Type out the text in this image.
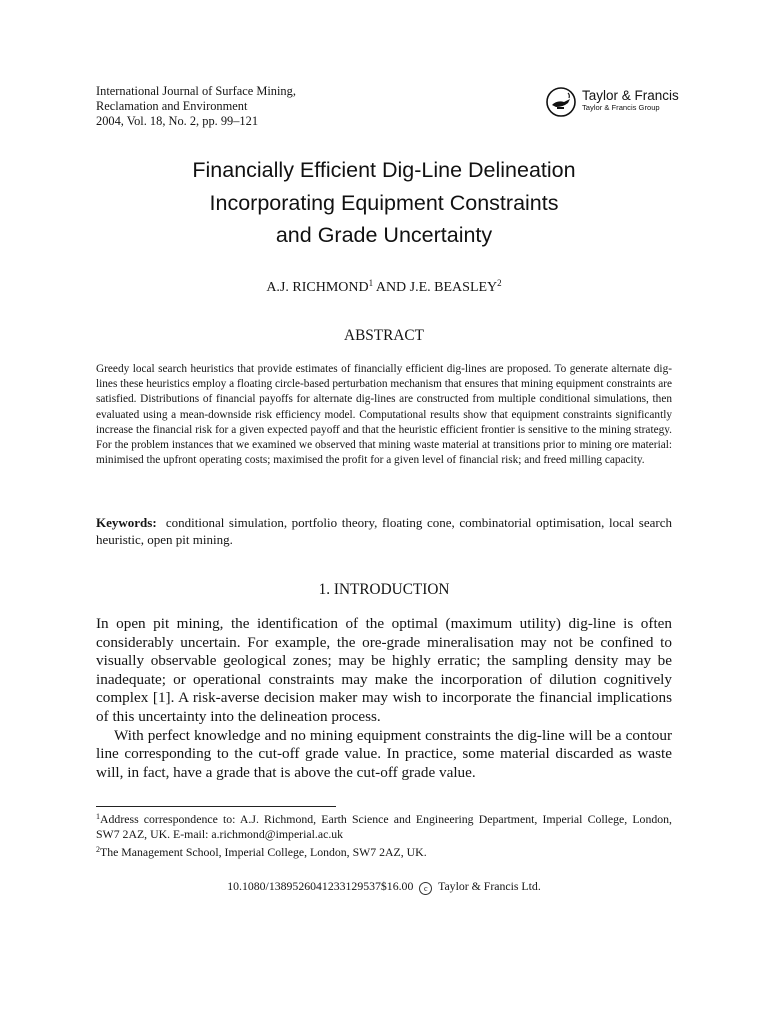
International Journal of Surface Mining,
Reclamation and Environment
2004, Vol. 18, No. 2, pp. 99–121
Taylor & Francis
Taylor & Francis Group
Financially Efficient Dig-Line Delineation
Incorporating Equipment Constraints
and Grade Uncertainty
A.J. RICHMOND$^1$ AND J.E. BEASLEY$^2$
ABSTRACT
Greedy local search heuristics that provide estimates of financially efficient dig-lines are proposed. To generate alternate dig-lines these heuristics employ a floating circle-based perturbation mechanism that ensures that mining equipment constraints are satisfied. Distributions of financial payoffs for alternate dig-lines are constructed from multiple conditional simulations, then evaluated using a mean-downside risk efficiency model. Computational results show that equipment constraints significantly increase the financial risk for a given expected payoff and that the heuristic efficient frontier is sensitive to the mining strategy. For the problem instances that we examined we observed that mining waste material at transitions prior to mining ore material: minimised the upfront operating costs; maximised the profit for a given level of financial risk; and freed milling capacity.
Keywords: conditional simulation, portfolio theory, floating cone, combinatorial optimisation, local search heuristic, open pit mining.
1. INTRODUCTION

In open pit mining, the identification of the optimal (maximum utility) dig-line is often considerably uncertain. For example, the ore-grade mineralisation may not be confined to visually observable geological zones; may be highly erratic; the sampling density may be inadequate; or operational constraints may make the incorporation of dilution cognitively complex [1]. A risk-averse decision maker may wish to incorporate the financial implications of this uncertainty into the delineation process.

With perfect knowledge and no mining equipment constraints the dig-line will be a contour line corresponding to the cut-off grade value. In practice, some material discarded as waste will, in fact, have a grade that is above the cut-off grade value.

$^1$Address correspondence to: A.J. Richmond, Earth Science and Engineering Department, Imperial College, London, SW7 2AZ, UK. E-mail: a.richmond@imperial.ac.uk

$^2$The Management School, Imperial College, London, SW7 2AZ, UK.

10.1080/1389526041233129537$16.00 c Taylor & Francis Ltd.
